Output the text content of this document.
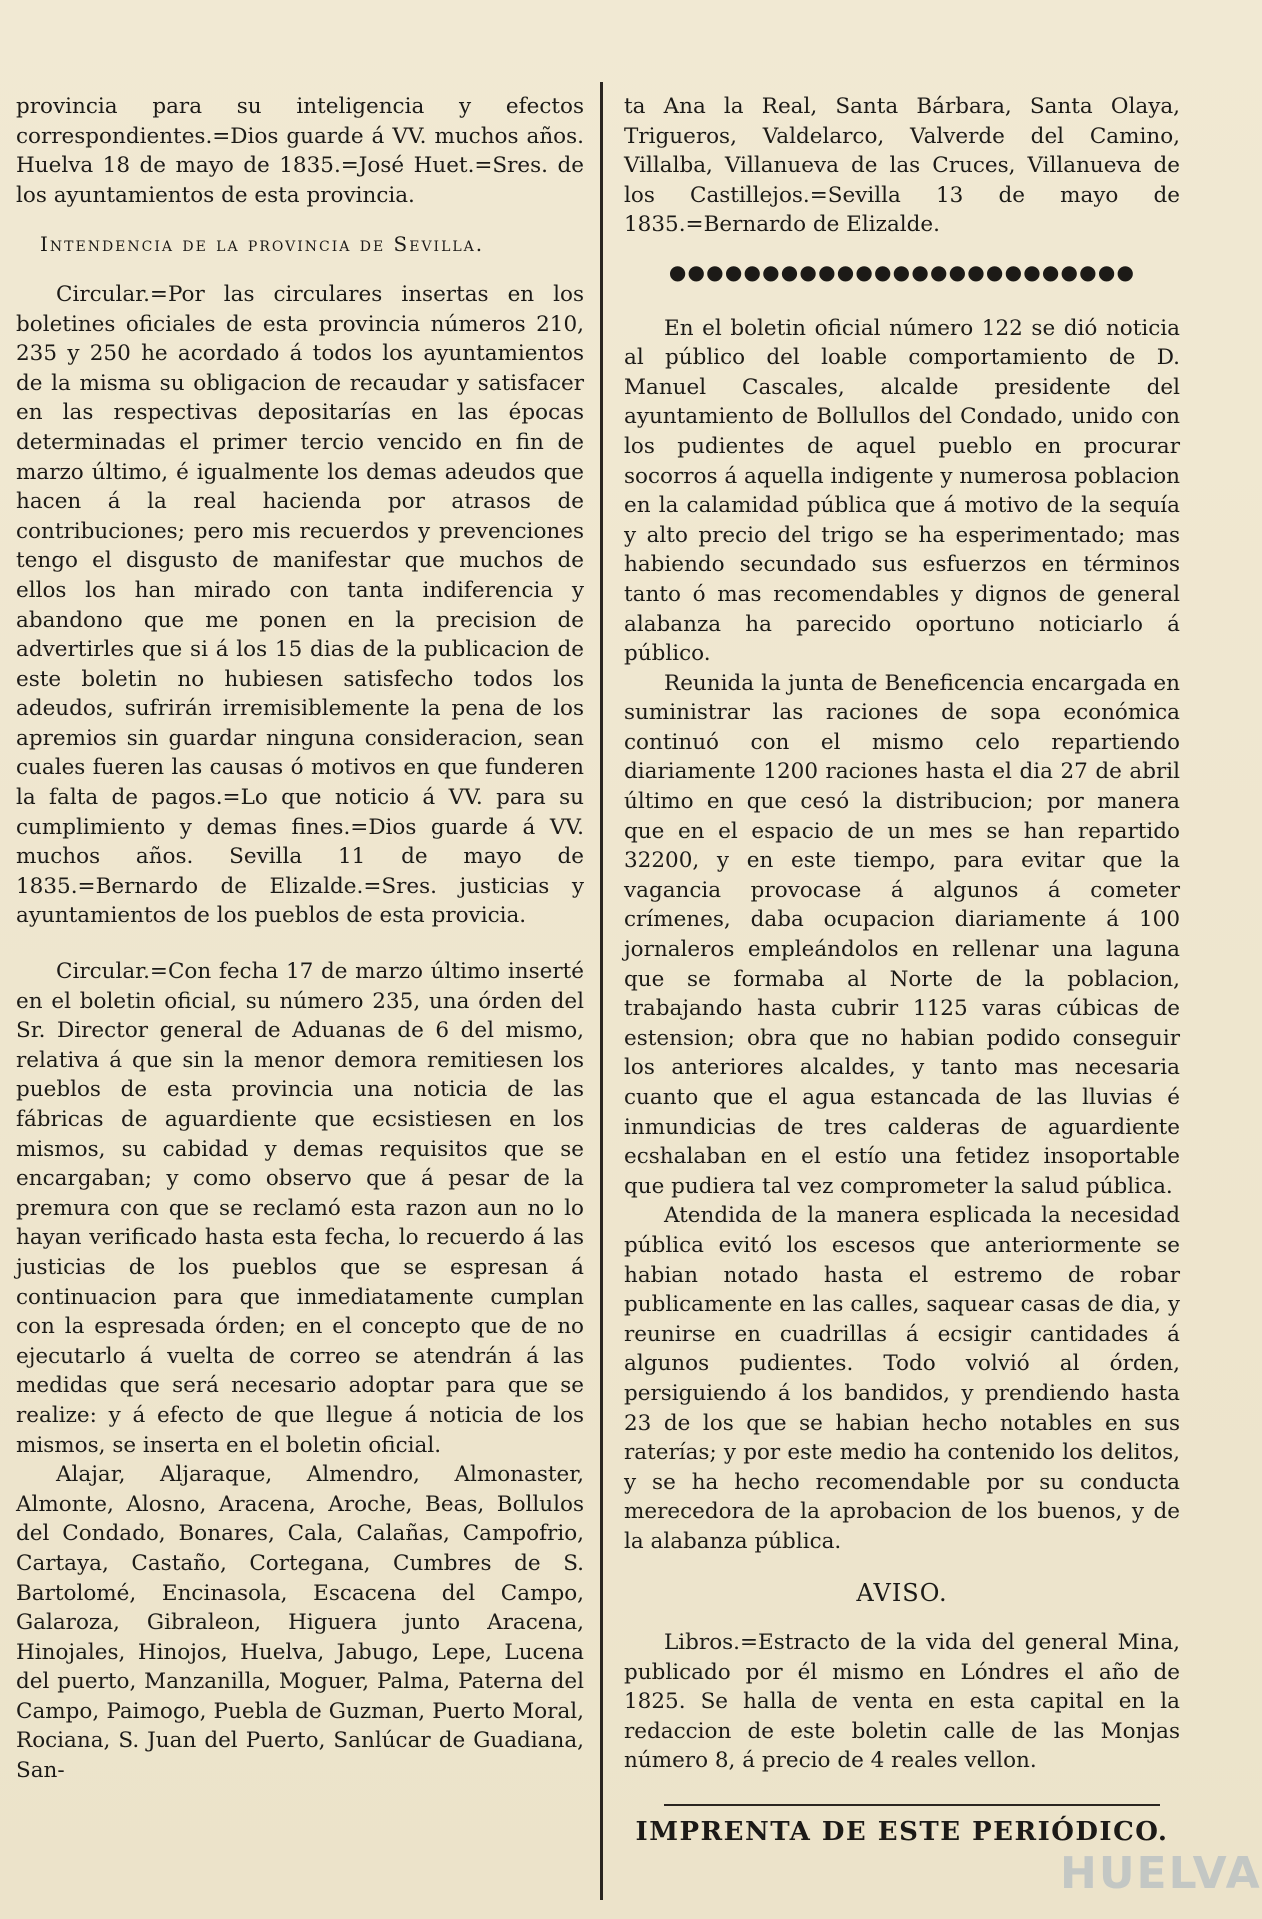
provincia para su inteligencia y efectos correspondientes.=Dios guarde á VV. muchos años. Huelva 18 de mayo de 1835.=José Huet.=Sres. de los ayuntamientos de esta provincia.

Intendencia de la provincia de Sevilla.

Circular.=Por las circulares insertas en los boletines oficiales de esta provincia números 210, 235 y 250 he acordado á todos los ayuntamientos de la misma su obligacion de recaudar y satisfacer en las respectivas depositarías en las épocas determinadas el primer tercio vencido en fin de marzo último, é igualmente los demas adeudos que hacen á la real hacienda por atrasos de contribuciones; pero mis recuerdos y prevenciones tengo el disgusto de manifestar que muchos de ellos los han mirado con tanta indiferencia y abandono que me ponen en la precision de advertirles que si á los 15 dias de la publicacion de este boletin no hubiesen satisfecho todos los adeudos, sufrirán irremisiblemente la pena de los apremios sin guardar ninguna consideracion, sean cuales fueren las causas ó motivos en que funderen la falta de pagos.=Lo que noticio á VV. para su cumplimiento y demas fines.=Dios guarde á VV. muchos años. Sevilla 11 de mayo de 1835.=Bernardo de Elizalde.=Sres. justicias y ayuntamientos de los pueblos de esta provicia.

Circular.=Con fecha 17 de marzo último inserté en el boletin oficial, su número 235, una órden del Sr. Director general de Aduanas de 6 del mismo, relativa á que sin la menor demora remitiesen los pueblos de esta provincia una noticia de las fábricas de aguardiente que ecsistiesen en los mismos, su cabidad y demas requisitos que se encargaban; y como observo que á pesar de la premura con que se reclamó esta razon aun no lo hayan verificado hasta esta fecha, lo recuerdo á las justicias de los pueblos que se espresan á continuacion para que inmediatamente cumplan con la espresada órden; en el concepto que de no ejecutarlo á vuelta de correo se atendrán á las medidas que será necesario adoptar para que se realize: y á efecto de que llegue á noticia de los mismos, se inserta en el boletin oficial.

Alajar, Aljaraque, Almendro, Almonaster, Almonte, Alosno, Aracena, Aroche, Beas, Bollulos del Condado, Bonares, Cala, Calañas, Campofrio, Cartaya, Castaño, Cortegana, Cumbres de S. Bartolomé, Encinasola, Escacena del Campo, Galaroza, Gibraleon, Higuera junto Aracena, Hinojales, Hinojos, Huelva, Jabugo, Lepe, Lucena del puerto, Manzanilla, Moguer, Palma, Paterna del Campo, Paimogo, Puebla de Guzman, Puerto Moral, Rociana, S. Juan del Puerto, Sanlúcar de Guadiana, San-

ta Ana la Real, Santa Bárbara, Santa Olaya, Trigueros, Valdelarco, Valverde del Camino, Villalba, Villanueva de las Cruces, Villanueva de los Castillejos.=Sevilla 13 de mayo de 1835.=Bernardo de Elizalde.

●●●●●●●●●●●●●●●●●●●●●●●●●

En el boletin oficial número 122 se dió noticia al público del loable comportamiento de D. Manuel Cascales, alcalde presidente del ayuntamiento de Bollullos del Condado, unido con los pudientes de aquel pueblo en procurar socorros á aquella indigente y numerosa poblacion en la calamidad pública que á motivo de la sequía y alto precio del trigo se ha esperimentado; mas habiendo secundado sus esfuerzos en términos tanto ó mas recomendables y dignos de general alabanza ha parecido oportuno noticiarlo á público.

Reunida la junta de Beneficencia encargada en suministrar las raciones de sopa económica continuó con el mismo celo repartiendo diariamente 1200 raciones hasta el dia 27 de abril último en que cesó la distribucion; por manera que en el espacio de un mes se han repartido 32200, y en este tiempo, para evitar que la vagancia provocase á algunos á cometer crímenes, daba ocupacion diariamente á 100 jornaleros empleándolos en rellenar una laguna que se formaba al Norte de la poblacion, trabajando hasta cubrir 1125 varas cúbicas de estension; obra que no habian podido conseguir los anteriores alcaldes, y tanto mas necesaria cuanto que el agua estancada de las lluvias é inmundicias de tres calderas de aguardiente ecshalaban en el estío una fetidez insoportable que pudiera tal vez comprometer la salud pública.

Atendida de la manera esplicada la necesidad pública evitó los escesos que anteriormente se habian notado hasta el estremo de robar publicamente en las calles, saquear casas de dia, y reunirse en cuadrillas á ecsigir cantidades á algunos pudientes. Todo volvió al órden, persiguiendo á los bandidos, y prendiendo hasta 23 de los que se habian hecho notables en sus raterías; y por este medio ha contenido los delitos, y se ha hecho recomendable por su conducta merecedora de la aprobacion de los buenos, y de la alabanza pública.

AVISO.

Libros.=Estracto de la vida del general Mina, publicado por él mismo en Lóndres el año de 1825. Se halla de venta en esta capital en la redaccion de este boletin calle de las Monjas número 8, á precio de 4 reales vellon.

IMPRENTA DE ESTE PERIÓDICO.
HUELVA
